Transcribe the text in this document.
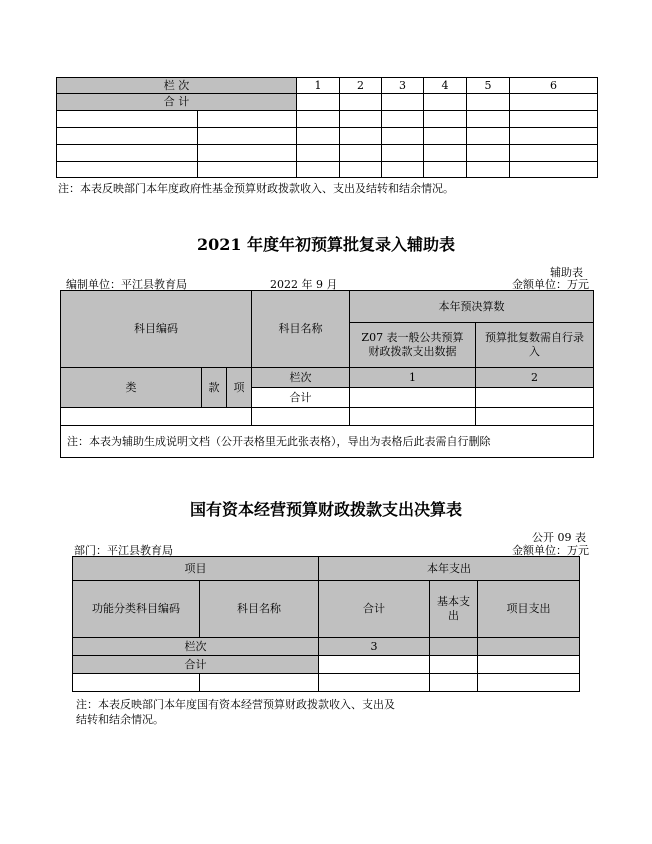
栏 次		1	2	3	4	5	6
合 计							

注：本表反映部门本年度政府性基金预算财政拨款收入、支出及结转和结余情况。
2021 年度年初预算批复录入辅助表
辅助表
编制单位：平江县教育局	2022 年 9 月	金额单位：万元
科目编码			科目名称	本年预决算数	
				Z07 表一般公共预算财政拨款支出数据	预算批复数需自行录入
类	款	项	栏次	1	2
			合计		

注：本表为辅助生成说明文档（公开表格里无此张表格），导出为表格后此表需自行删除					
国有资本经营预算财政拨款支出决算表
公开 09 表
部门：平江县教育局	金额单位：万元
项目		本年支出		
功能分类科目编码	科目名称	合计	基本支出	项目支出
栏次		3		
合计				

注：本表反映部门本年度国有资本经营预算财政拨款收入、支出及
结转和结余情况。
